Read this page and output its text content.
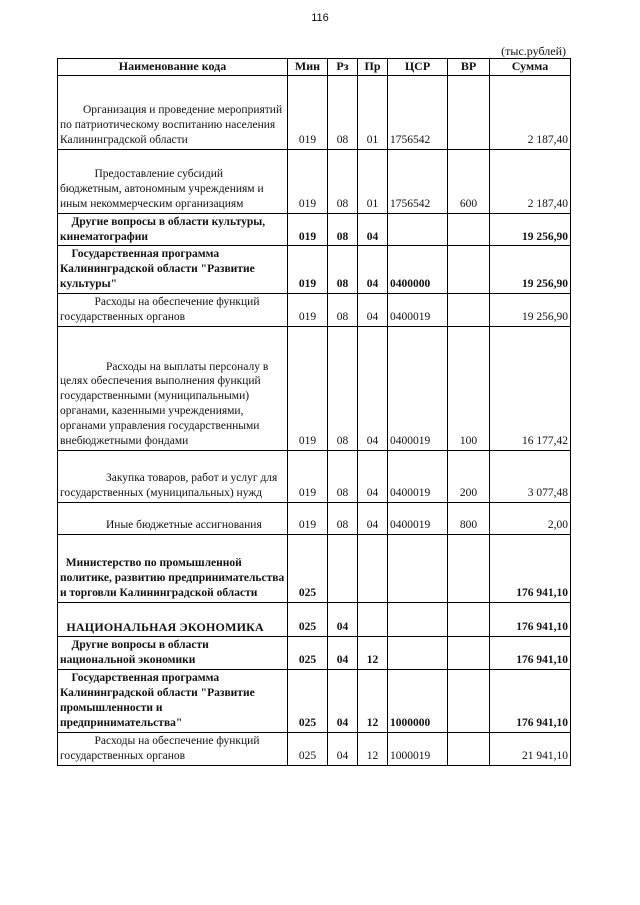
116
(тыс.рублей)
Наименование кода	Мин	Рз	Пр	ЦСР	ВР	Сумма
Организация и проведение мероприятий по патриотическому воспитанию населения Калининградской области	019	08	01	1756542		2 187,40
Предоставление субсидий бюджетным, автономным учреждениям и иным некоммерческим организациям	019	08	01	1756542	600	2 187,40
Другие вопросы в области культуры, кинематографии	019	08	04			19 256,90
Государственная программа Калининградской области "Развитие культуры"	019	08	04	0400000		19 256,90
Расходы на обеспечение функций государственных органов	019	08	04	0400019		19 256,90
Расходы на выплаты персоналу в целях обеспечения выполнения функций государственными (муниципальными) органами, казенными учреждениями, органами управления государственными внебюджетными фондами	019	08	04	0400019	100	16 177,42
Закупка товаров, работ и услуг для государственных (муниципальных) нужд	019	08	04	0400019	200	3 077,48
Иные бюджетные ассигнования	019	08	04	0400019	800	2,00
Министерство по промышленной политике, развитию предпринимательства и торговли Калининградской области	025					176 941,10
НАЦИОНАЛЬНАЯ ЭКОНОМИКА	025	04				176 941,10
Другие вопросы в области национальной экономики	025	04	12			176 941,10
Государственная программа Калининградской области "Развитие промышленности и предпринимательства"	025	04	12	1000000		176 941,10
Расходы на обеспечение функций государственных органов	025	04	12	1000019		21 941,10
